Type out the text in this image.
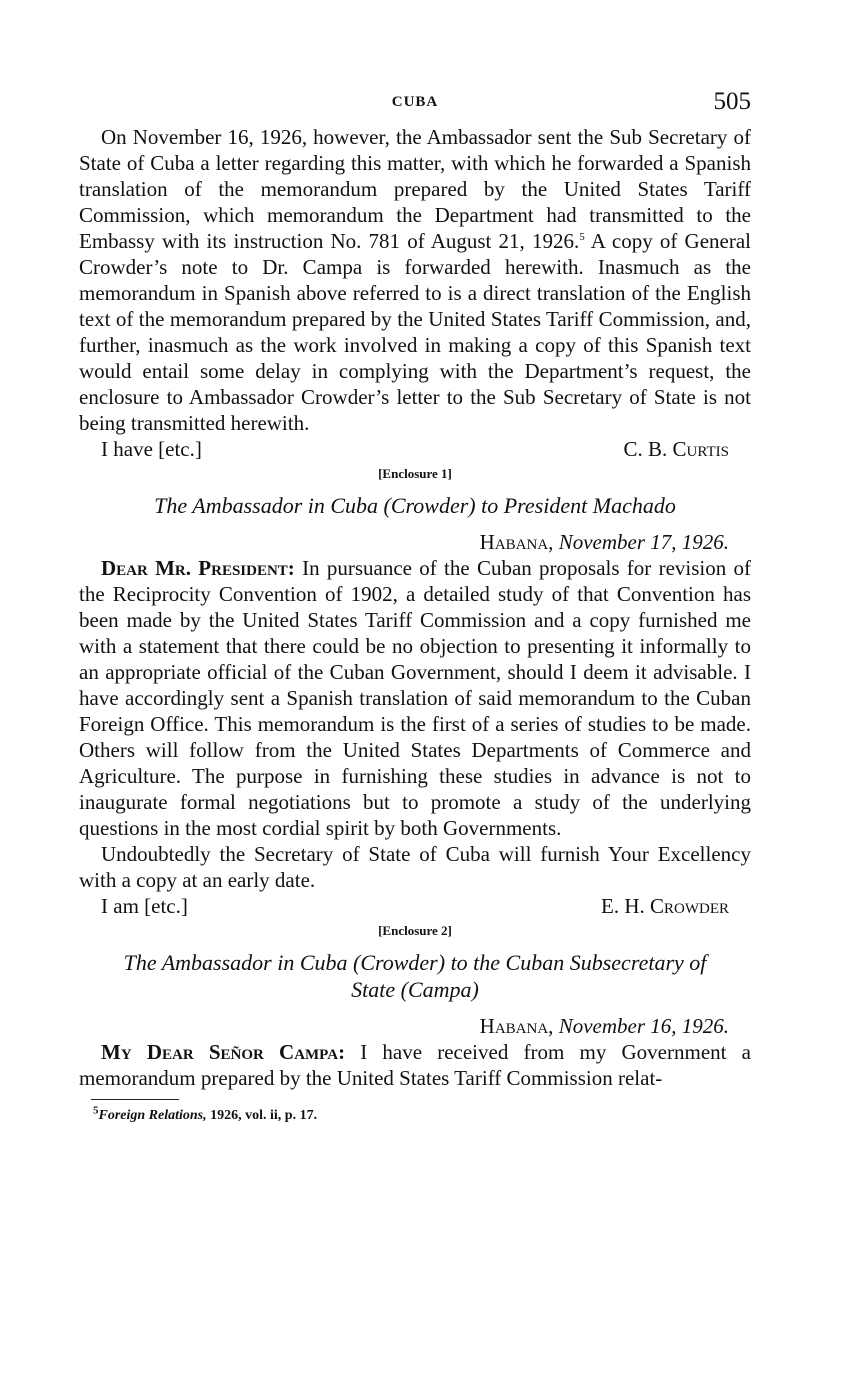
CUBA	505

On November 16, 1926, however, the Ambassador sent the Sub Secretary of State of Cuba a letter regarding this matter, with which he forwarded a Spanish translation of the memorandum prepared by the United States Tariff Commission, which memorandum the Department had transmitted to the Embassy with its instruction No. 781 of August 21, 1926.$^5$ A copy of General Crowder’s note to Dr. Campa is forwarded herewith. Inasmuch as the memorandum in Spanish above referred to is a direct translation of the English text of the memorandum prepared by the United States Tariff Commission, and, further, inasmuch as the work involved in making a copy of this Spanish text would entail some delay in complying with the Department’s request, the enclosure to Ambassador Crowder’s letter to the Sub Secretary of State is not being transmitted herewith.

I have [etc.]	C. B. Curtis
[Enclosure 1]
The Ambassador in Cuba (Crowder) to President Machado
Habana, November 17, 1926.

Dear Mr. President: In pursuance of the Cuban proposals for revision of the Reciprocity Convention of 1902, a detailed study of that Convention has been made by the United States Tariff Commission and a copy furnished me with a statement that there could be no objection to presenting it informally to an appropriate official of the Cuban Government, should I deem it advisable. I have accordingly sent a Spanish translation of said memorandum to the Cuban Foreign Office. This memorandum is the first of a series of studies to be made. Others will follow from the United States Departments of Commerce and Agriculture. The purpose in furnishing these studies in advance is not to inaugurate formal negotiations but to promote a study of the underlying questions in the most cordial spirit by both Governments.

Undoubtedly the Secretary of State of Cuba will furnish Your Excellency with a copy at an early date.

I am [etc.]	E. H. Crowder
[Enclosure 2]
The Ambassador in Cuba (Crowder) to the Cuban Subsecretary of State (Campa)
Habana, November 16, 1926.

My Dear Señor Campa: I have received from my Government a memorandum prepared by the United States Tariff Commission relat-

$^5$Foreign Relations, 1926, vol. ii, p. 17.
